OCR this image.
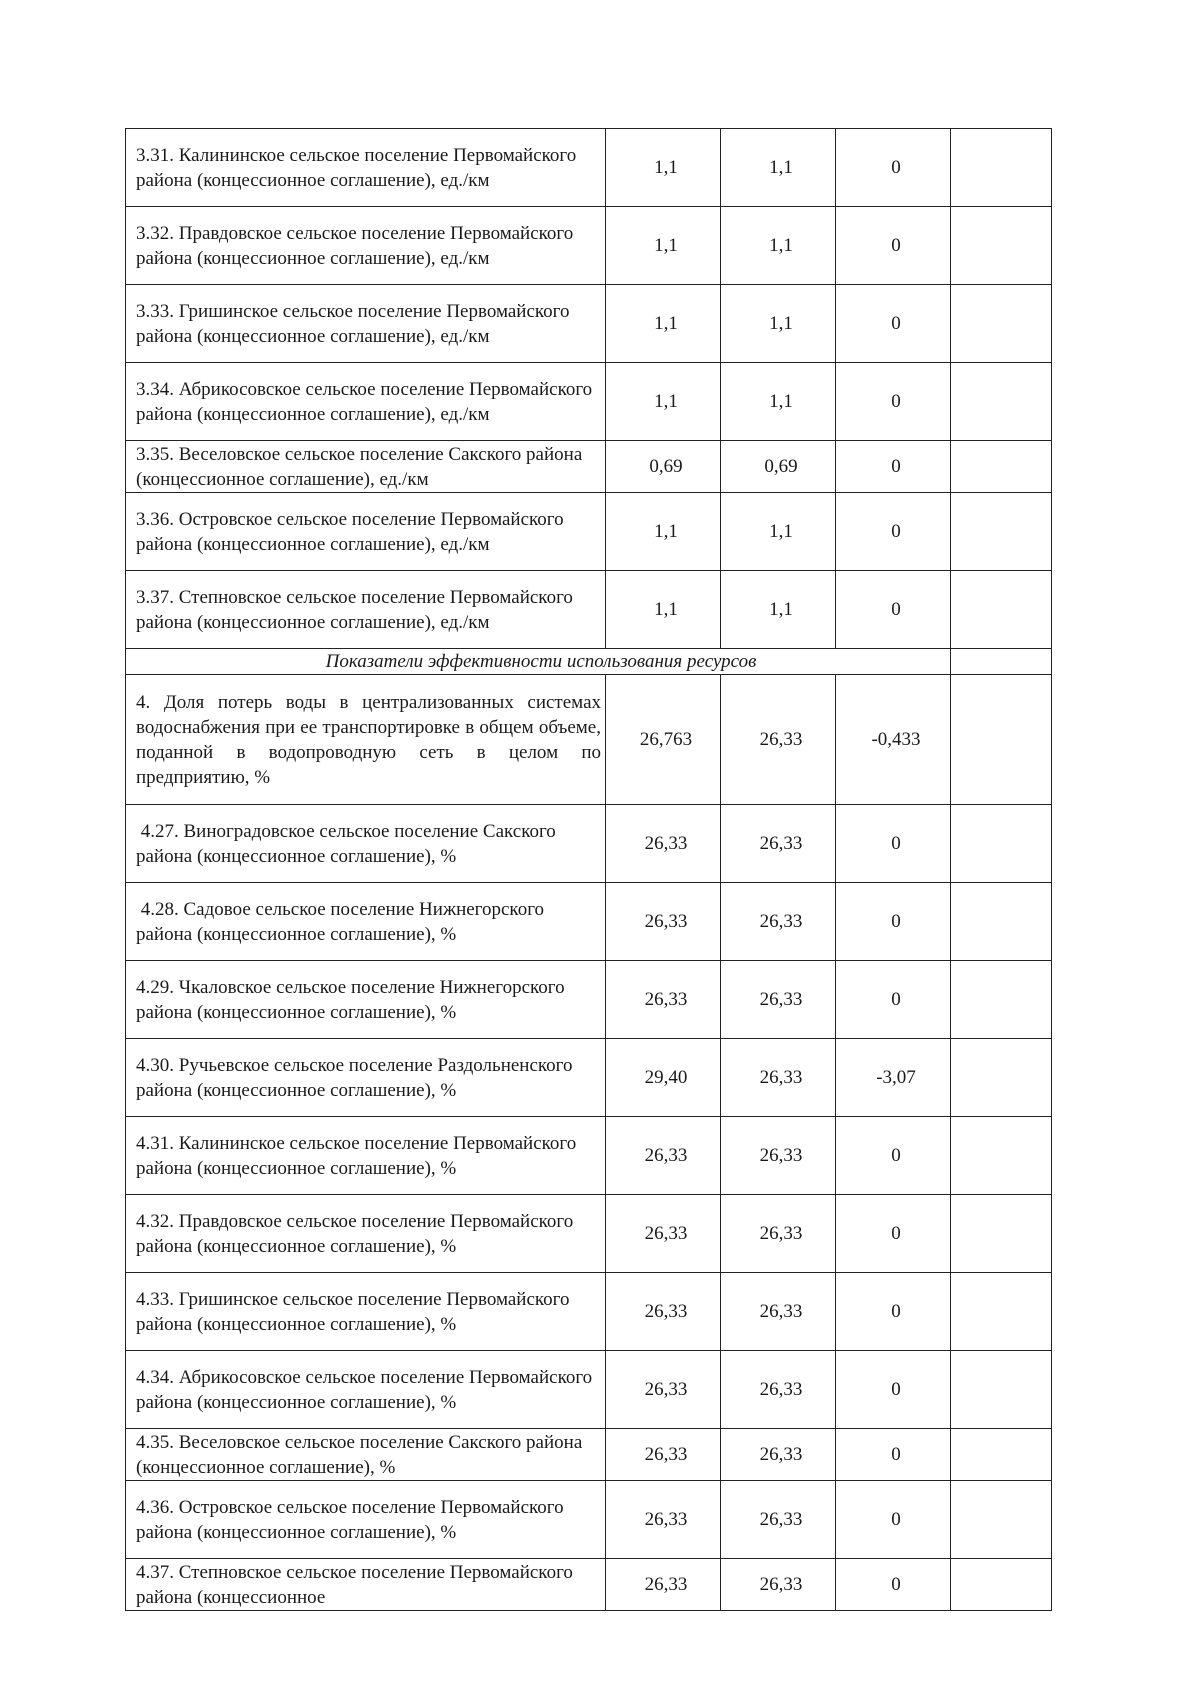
3.31. Калининское сельское поселение Первомайского района (концессионное соглашение), ед./км	1,1	1,1	0	
3.32. Правдовское сельское поселение Первомайского района (концессионное соглашение), ед./км	1,1	1,1	0	
3.33. Гришинское сельское поселение Первомайского района (концессионное соглашение), ед./км	1,1	1,1	0	
3.34. Абрикосовское сельское поселение Первомайского района (концессионное соглашение), ед./км	1,1	1,1	0	
3.35. Веселовское сельское поселение Сакского района (концессионное соглашение), ед./км	0,69	0,69	0	
3.36. Островское сельское поселение Первомайского района (концессионное соглашение), ед./км	1,1	1,1	0	
3.37. Степновское сельское поселение Первомайского района (концессионное соглашение), ед./км	1,1	1,1	0	
Показатели эффективности использования ресурсов				
4. Доля потерь воды в централизованных системах водоснабжения при ее транспортировке в общем объеме, поданной в водопроводную сеть в целом по предприятию, %	26,763	26,33	-0,433	
4.27. Виноградовское сельское поселение Сакского района (концессионное соглашение), %	26,33	26,33	0	
4.28. Садовое сельское поселение Нижнегорского района (концессионное соглашение), %	26,33	26,33	0	
4.29. Чкаловское сельское поселение Нижнегорского района (концессионное соглашение), %	26,33	26,33	0	
4.30. Ручьевское сельское поселение Раздольненского района (концессионное соглашение), %	29,40	26,33	-3,07	
4.31. Калининское сельское поселение Первомайского района (концессионное соглашение), %	26,33	26,33	0	
4.32. Правдовское сельское поселение Первомайского района (концессионное соглашение), %	26,33	26,33	0	
4.33. Гришинское сельское поселение Первомайского района (концессионное соглашение), %	26,33	26,33	0	
4.34. Абрикосовское сельское поселение Первомайского района (концессионное соглашение), %	26,33	26,33	0	
4.35. Веселовское сельское поселение Сакского района (концессионное соглашение), %	26,33	26,33	0	
4.36. Островское сельское поселение Первомайского района (концессионное соглашение), %	26,33	26,33	0	
4.37. Степновское сельское поселение Первомайского района (концессионное	26,33	26,33	0	
